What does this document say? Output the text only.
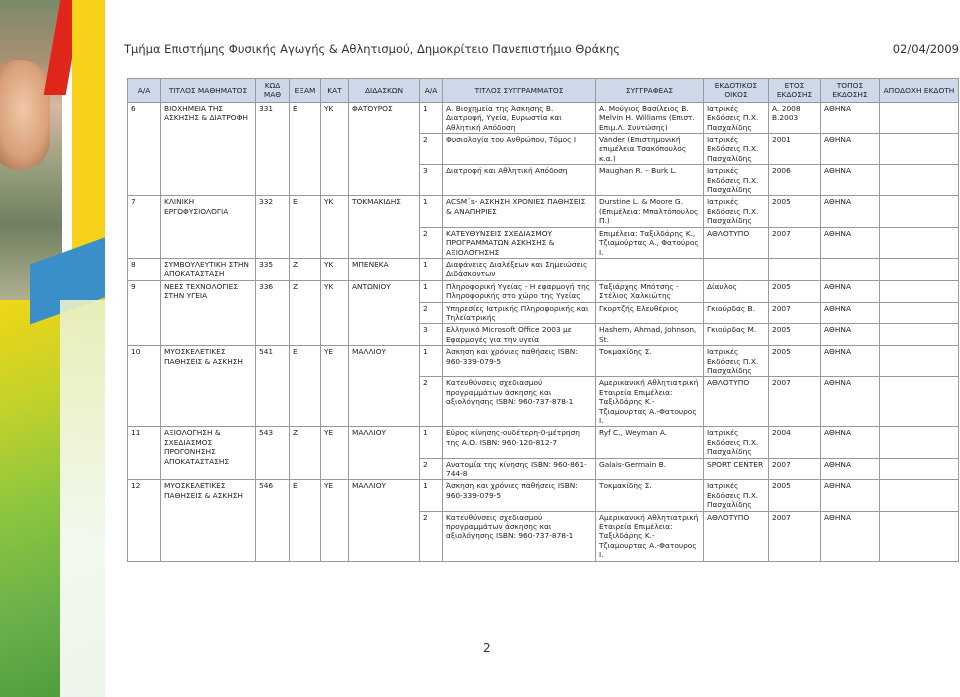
Τμήμα Επιστήμης Φυσικής Αγωγής & Αθλητισμού, Δημοκρίτειο Πανεπιστήμιο Θράκης	02/04/2009
Α/Α	ΤΙΤΛΟΣ ΜΑΘΗΜΑΤΟΣ	ΚΩΔ ΜΑΘ	ΕΞΑΜ	ΚΑΤ	ΔΙΔΑΣΚΩΝ	Α/Α	ΤΙΤΛΟΣ ΣΥΓΓΡΑΜΜΑΤΟΣ	ΣΥΓΓΡΑΦΕΑΣ	ΕΚΔΟΤΙΚΟΣ ΟΙΚΟΣ	ΕΤΟΣ ΕΚΔΟΣΗΣ	ΤΟΠΟΣ ΕΚΔΟΣΗΣ	ΑΠΟΔΟΧΗ ΕΚΔΟΤΗ
6	ΒΙΟΧΗΜΕΙΑ ΤΗΣ ΑΣΚΗΣΗΣ & ΔΙΑΤΡΟΦΗ	331	Ε	ΥΚ	ΦΑΤΟΥΡΟΣ	1	Α. Βιοχημεία της Άσκησης Β. Διατροφή, Υγεία, Ευρωστία και Αθλητική Απόδοση	Α. Μούγιος Βασίλειος Β. Melvin H. Williams (Επιστ. Επιμ.Λ. Συντώσης)	Ιατρικές Εκδόσεις Π.Χ. Πασχαλίδης	Α. 2008 Β.2003	ΑΘΗΝΑ	
						2	Φυσιολογία του Ανθρώπου, Τόμος Ι	Vander (Επιστημονική επιμέλεια Τσακόπουλος κ.α.)	Ιατρικές Εκδόσεις Π.Χ. Πασχαλίδης	2001	ΑΘΗΝΑ	
						3	Διατροφή και Αθλητική Απόδοση	Maughan R. – Burk L.	Ιατρικές Εκδόσεις Π.Χ. Πασχαλίδης	2006	ΑΘΗΝΑ	
7	ΚΛΙΝΙΚΗ ΕΡΓΟΦΥΣΙΟΛΟΓΙΑ	332	Ε	ΥΚ	ΤΟΚΜΑΚΙΔΗΣ	1	ACSM΄s- ΑΣΚΗΣΗ ΧΡΟΝΙΕΣ ΠΑΘΗΣΕΙΣ & ΑΝΑΠΗΡΙΕΣ	Durstine L. & Moore G. (Επιμέλεια: Μπαλτόπουλος Π.)	Ιατρικές Εκδόσεις Π.Χ. Πασχαλίδης	2005	ΑΘΗΝΑ	
						2	ΚΑΤΕΥΘΥΝΣΕΙΣ ΣΧΕΔΙΑΣΜΟΥ ΠΡΟΓΡΑΜΜΑΤΩΝ ΑΣΚΗΣΗΣ & ΑΞΙΟΛΟΓΗΣΗΣ	Επιμέλεια: Ταξιλδάρης Κ., Τζιαμούρτας Α., Φατούρος Ι.	ΑΘΛΟΤΥΠΟ	2007	ΑΘΗΝΑ	
8	ΣΥΜΒΟΥΛΕΥΤΙΚΗ ΣΤΗΝ ΑΠΟΚΑΤΑΣΤΑΣΗ	335	Ζ	ΥΚ	ΜΠΕΝΕΚΑ	1	Διαφάνειες Διαλέξεων και Σημειώσεις Διδάσκοντων					
9	ΝΕΕΣ ΤΕΧΝΟΛΟΓΙΕΣ ΣΤΗΝ ΥΓΕΙΑ	336	Ζ	ΥΚ	ΑΝΤΩΝΙΟΥ	1	Πληροφορική Υγείας - Η εφαρμογή της Πληροφορικής στο χώρο της Υγείας	Ταξιάρχης Μπότσης - Στέλιος Χαλκιώτης	Δίαυλος	2005	ΑΘΗΝΑ	
						2	Υπηρεσίες Ιατρικής Πληροφορικής και Τηλεϊατρικής	Γκορτζής Ελευθέριος	Γκιούρδας Β.	2007	ΑΘΗΝΑ	
						3	Ελληνικό Microsoft Office 2003 με Εφαρμογές για την υγεία	Hashem, Ahmad, Johnson, St.	Γκιούρδας Μ.	2005	ΑΘΗΝΑ	
10	ΜΥΟΣΚΕΛΕΤΙΚΕΣ ΠΑΘΗΣΕΙΣ & ΑΣΚΗΣΗ	541	Ε	ΥΕ	ΜΑΛΛΙΟΥ	1	Άσκηση και χρόνιες παθήσεις ISBN: 960-339-079-5	Τοκμακίδης Σ.	Ιατρικές Εκδόσεις Π.Χ. Πασχαλίδης	2005	ΑΘΗΝΑ	
						2	Κατευθύνσεις σχεδιασμού προγραμμάτων άσκησης και αξιολόγησης ISBN: 960-737-878-1	Αμερικανική Αθλητιατρική Εταιρεία Επιμέλεια: Ταξιλδάρης Κ.- Τζιαμουρτας Α.-Φατουρος Ι.	ΑΘΛΟΤΥΠΟ	2007	ΑΘΗΝΑ	
11	ΑΞΙΟΛΟΓΗΣΗ & ΣΧΕΔΙΑΣΜΟΣ ΠΡΟΓΟΝΗΣΗΣ ΑΠΟΚΑΤΑΣΤΑΣΗΣ	543	Ζ	ΥΕ	ΜΑΛΛΙΟΥ	1	Εύρος κίνησης-ουδέτερη-0-μέτρηση της Α.Ο. ISBN: 960-120-812-7	Ryf C., Weyman A.	Ιατρικές Εκδόσεις Π.Χ. Πασχαλίδης	2004	ΑΘΗΝΑ	
						2	Ανατομία της κίνησης ISBN: 960-861-744-8	Galais-Germain B.	SPORT CENTER	2007	ΑΘΗΝΑ	
12	ΜΥΟΣΚΕΛΕΤΙΚΕΣ ΠΑΘΗΣΕΙΣ & ΑΣΚΗΣΗ	546	Ε	ΥΕ	ΜΑΛΛΙΟΥ	1	Άσκηση και χρόνιες παθήσεις ISBN: 960-339-079-5	Τοκμακίδης Σ.	Ιατρικές Εκδόσεις Π.Χ. Πασχαλίδης	2005	ΑΘΗΝΑ	
						2	Κατευθύνσεις σχεδιασμού προγραμμάτων άσκησης και αξιολόγησης ISBN: 960-737-878-1	Αμερικανική Αθλητιατρική Εταιρεία Επιμέλεια: Ταξιλδάρης Κ.- Τζιαμουρτας Α.-Φατουρος Ι.	ΑΘΛΟΤΥΠΟ	2007	ΑΘΗΝΑ	
2
